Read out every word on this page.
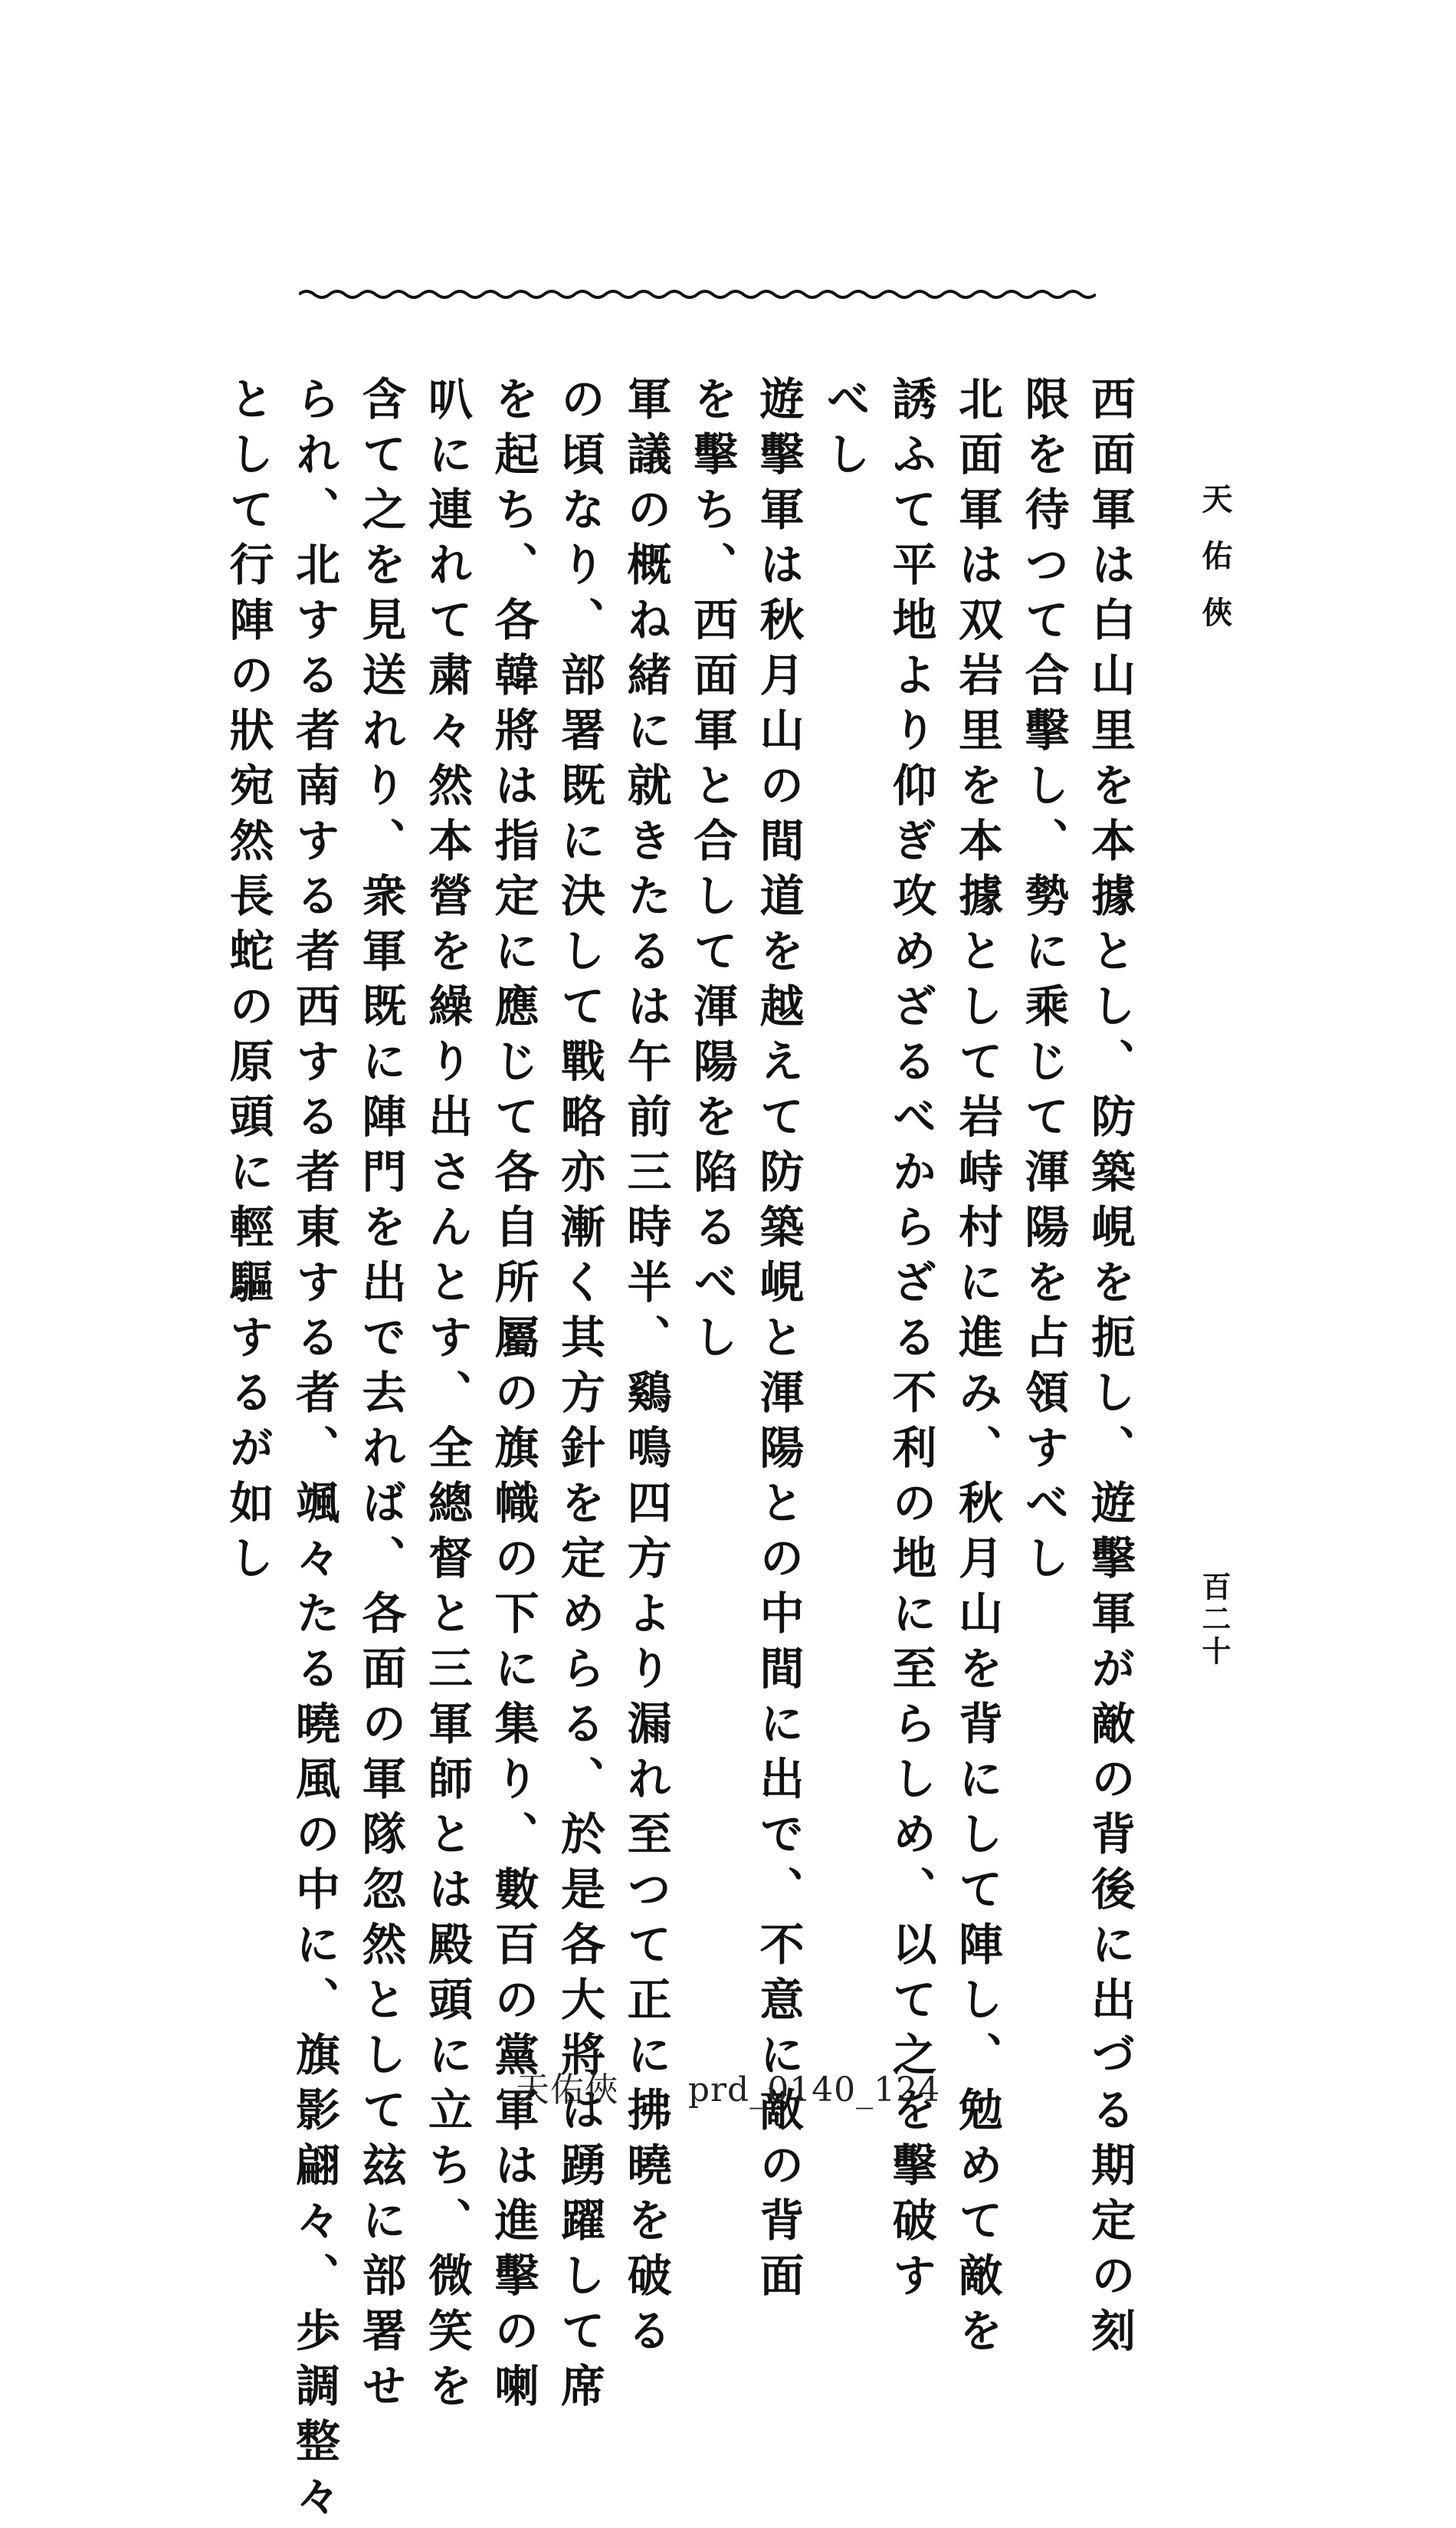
天佑俠
百二十
西面軍は白山里を本據とし、防築峴を扼し、遊擊軍が敵の背後に出づる期定の刻
限を待つて合擊し、勢に乘じて渾陽を占領すべし
北面軍は双岩里を本據として岩峙村に進み、秋月山を背にして陣し、勉めて敵を
誘ふて平地より仰ぎ攻めざるべからざる不利の地に至らしめ、以て之を擊破す
べし
遊擊軍は秋月山の間道を越えて防築峴と渾陽との中間に出で、不意に敵の背面
を擊ち、西面軍と合して渾陽を陷るべし
軍議の概ね緒に就きたるは午前三時半、鷄鳴四方より漏れ至つて正に拂曉を破る
の頃なり、部署既に決して戰略亦漸く其方針を定めらる、於是各大將は踴躍して席
を起ち、各韓將は指定に應じて各自所屬の旗幟の下に集り、數百の黨軍は進擊の喇
叭に連れて粛々然本營を繰り出さんとす、全總督と三軍師とは殿頭に立ち、微笑を
含て之を見送れり、衆軍既に陣門を出で去れば、各面の軍隊忽然として玆に部署せ
られ、北する者南する者西する者東する者、颯々たる曉風の中に、旗影翩々、歩調整々
として行陣の狀宛然長蛇の原頭に輕驅するが如し
天佑俠　　prd_0140_124
